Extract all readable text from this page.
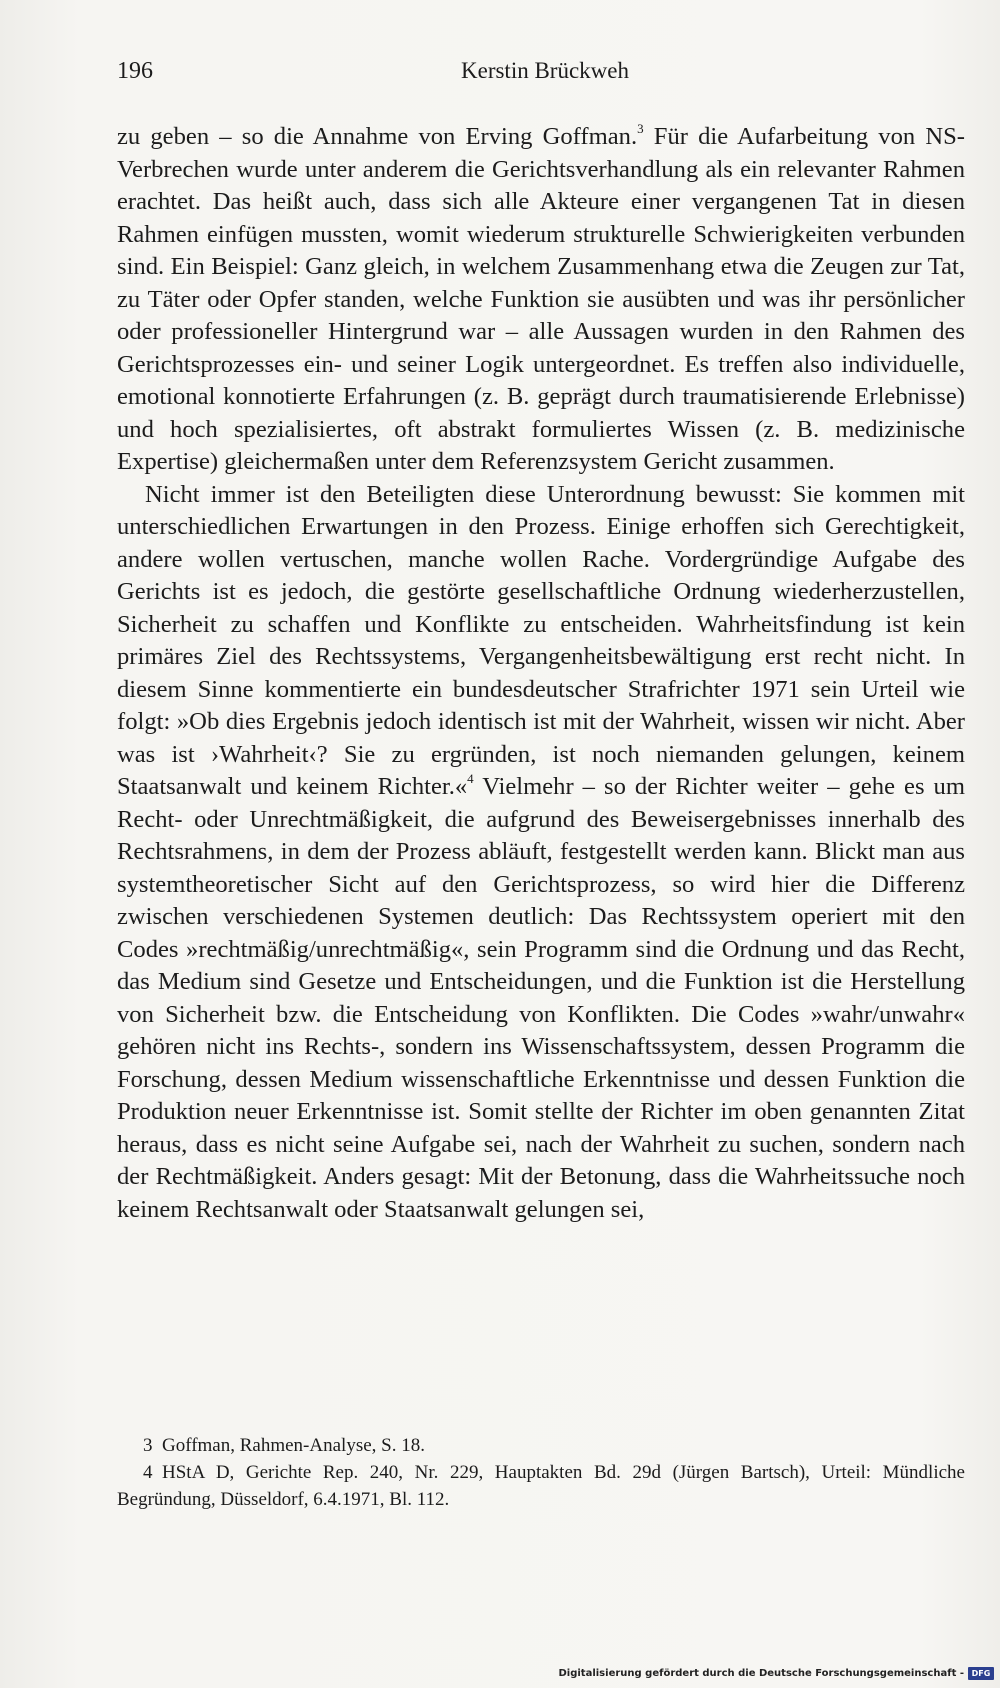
196	Kerstin Brückweh

zu geben – so die Annahme von Erving Goffman.$^3$ Für die Aufarbeitung von NS-Verbrechen wurde unter anderem die Gerichtsverhandlung als ein relevanter Rahmen erachtet. Das heißt auch, dass sich alle Akteure einer vergangenen Tat in diesen Rahmen einfügen mussten, womit wiederum strukturelle Schwierigkeiten verbunden sind. Ein Beispiel: Ganz gleich, in welchem Zusammenhang etwa die Zeugen zur Tat, zu Täter oder Opfer standen, welche Funktion sie ausübten und was ihr persönlicher oder professioneller Hintergrund war – alle Aussagen wurden in den Rahmen des Gerichtsprozesses ein- und seiner Logik untergeordnet. Es treffen also individuelle, emotional konnotierte Erfahrungen (z. B. geprägt durch traumatisierende Erlebnisse) und hoch spezialisiertes, oft abstrakt formuliertes Wissen (z. B. medizinische Expertise) gleichermaßen unter dem Referenzsystem Gericht zusammen.

Nicht immer ist den Beteiligten diese Unterordnung bewusst: Sie kommen mit unterschiedlichen Erwartungen in den Prozess. Einige erhoffen sich Gerechtigkeit, andere wollen vertuschen, manche wollen Rache. Vordergründige Aufgabe des Gerichts ist es jedoch, die gestörte gesellschaftliche Ordnung wiederherzustellen, Sicherheit zu schaffen und Konflikte zu entscheiden. Wahrheitsfindung ist kein primäres Ziel des Rechtssystems, Vergangenheitsbewältigung erst recht nicht. In diesem Sinne kommentierte ein bundesdeutscher Strafrichter 1971 sein Urteil wie folgt: »Ob dies Ergebnis jedoch identisch ist mit der Wahrheit, wissen wir nicht. Aber was ist ›Wahrheit‹? Sie zu ergründen, ist noch niemanden gelungen, keinem Staatsanwalt und keinem Richter.«$^4$ Vielmehr – so der Richter weiter – gehe es um Recht- oder Unrechtmäßigkeit, die aufgrund des Beweisergebnisses innerhalb des Rechtsrahmens, in dem der Prozess abläuft, festgestellt werden kann. Blickt man aus systemtheoretischer Sicht auf den Gerichtsprozess, so wird hier die Differenz zwischen verschiedenen Systemen deutlich: Das Rechtssystem operiert mit den Codes »rechtmäßig/unrechtmäßig«, sein Programm sind die Ordnung und das Recht, das Medium sind Gesetze und Entscheidungen, und die Funktion ist die Herstellung von Sicherheit bzw. die Entscheidung von Konflikten. Die Codes »wahr/unwahr« gehören nicht ins Rechts-, sondern ins Wissenschaftssystem, dessen Programm die Forschung, dessen Medium wissenschaftliche Erkenntnisse und dessen Funktion die Produktion neuer Erkenntnisse ist. Somit stellte der Richter im oben genannten Zitat heraus, dass es nicht seine Aufgabe sei, nach der Wahrheit zu suchen, sondern nach der Rechtmäßigkeit. Anders gesagt: Mit der Betonung, dass die Wahrheitssuche noch keinem Rechtsanwalt oder Staatsanwalt gelungen sei,

3 Goffman, Rahmen-Analyse, S. 18.

4 HStA D, Gerichte Rep. 240, Nr. 229, Hauptakten Bd. 29d (Jürgen Bartsch), Urteil: Mündliche Begründung, Düsseldorf, 6.4.1971, Bl. 112.

Digitalisierung gefördert durch die Deutsche Forschungsgemeinschaft - DFG
